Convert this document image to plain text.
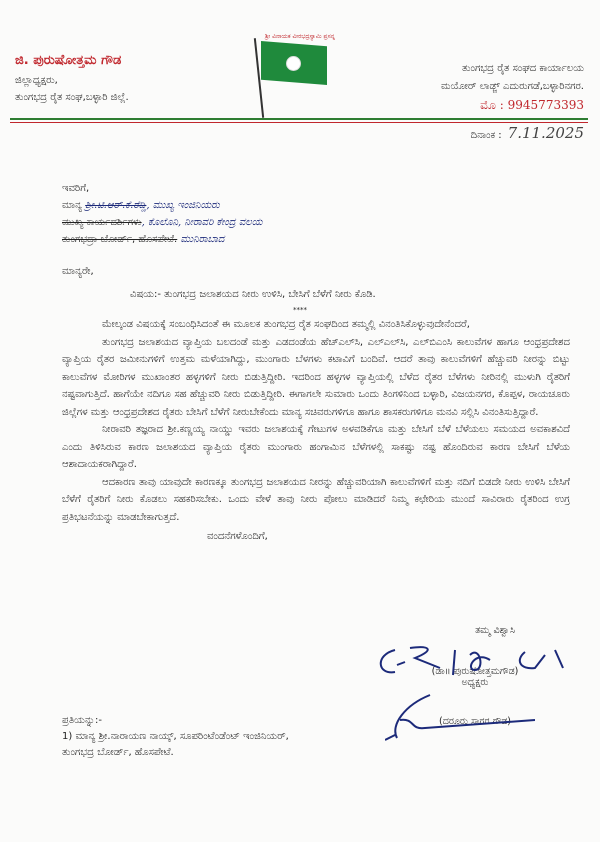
ಶ್ರೀ ವಿನಾಯಕ ವೀರಭದ್ರಸ್ವಾಮಿ ಪ್ರಸನ್ನ
ಜಿ. ಪುರುಷೋತ್ತಮ ಗೌಡ
ಜಿಲ್ಲಾಧ್ಯಕ್ಷರು,
ತುಂಗಭದ್ರ ರೈತ ಸಂಘ,ಬಳ್ಳಾರಿ ಜಿಲ್ಲೆ.
ತುಂಗಭದ್ರ ರೈತ ಸಂಘದ ಕಾರ್ಯಾಲಯ
ಮಯೋರ್ ಲಾಡ್ಜ್ ಎದುರುಗಡೆ,ಬಳ್ಳಾರಿನಗರ.
ಮೊ : 9945773393
ದಿನಾಂಕ : 7.11.2025
ಇವರಿಗೆ,
ಮಾನ್ಯ ಶ್ರೀ.ಟಿ.ಆರ್.ಕೆ.ರೆಡ್ಡಿ, ಮುಖ್ಯ ಇಂಜಿನಿಯರು
ಮುಖ್ಯ ಕಾರ್ಯದರ್ಶಿಗಳು, ಕೊಲೊನಿ, ನೀರಾವರಿ ಕೇಂದ್ರ ವಲಯ
ತುಂಗಭದ್ರಾ ಬೋರ್ಡ್, ಹೊಸಪೇಟೆ. ಮುನಿರಾಬಾದ
ಮಾನ್ಯರೇ,
ವಿಷಯ:- ತುಂಗಭದ್ರ ಜಲಾಶಯದ ನೀರು ಉಳಿಸಿ, ಬೇಸಿಗೆ ಬೆಳೆಗೆ ನೀರು ಕೊಡಿ.
****

ಮೇಲ್ಕಂಡ ವಿಷಯಕ್ಕೆ ಸಂಬಂಧಿಸಿದಂತೆ ಈ ಮೂಲಕ ತುಂಗಭದ್ರ ರೈತ ಸಂಘದಿಂದ ತಮ್ಮಲ್ಲಿ ವಿನಂತಿಸಿಕೊಳ್ಳುವುದೇನೆಂದರೆ,

ತುಂಗಭದ್ರ ಜಲಾಶಯದ ವ್ಯಾಪ್ತಿಯ ಬಲದಂಡೆ ಮತ್ತು ಎಡದಂಡೆಯ ಹೆಚ್‌ಎಲ್‌ಸಿ, ಎಲ್‌ಎಲ್‌ಸಿ, ಎಲ್‌ಬಿಎಂಸಿ ಕಾಲುವೆಗಳ ಹಾಗೂ ಆಂಧ್ರಪ್ರದೇಶದ ವ್ಯಾಪ್ತಿಯ ರೈತರ ಜಮೀನುಗಳಿಗೆ ಉತ್ತಮ ಮಳೆಯಾಗಿದ್ದು, ಮುಂಗಾರು ಬೆಳಗಳು ಕಟಾವಿಗೆ ಬಂದಿವೆ. ಆದರೆ ತಾವು ಕಾಲುವೆಗಳಿಗೆ ಹೆಚ್ಚುವರಿ ನೀರನ್ನು ಬಿಟ್ಟು ಕಾಲುವೆಗಳ ಮೋರಿಗಳ ಮುಖಾಂತರ ಹಳ್ಳಗಳಿಗೆ ನೀರು ಬಿಡುತ್ತಿದ್ದೀರಿ. ಇದರಿಂದ ಹಳ್ಳಗಳ ವ್ಯಾಪ್ತಿಯಲ್ಲಿ ಬೆಳೆದ ರೈತರ ಬೆಳೆಗಳು ನೀರಿನಲ್ಲಿ ಮುಳುಗಿ ರೈತರಿಗೆ ನಷ್ಟವಾಗುತ್ತಿದೆ. ಹಾಗೆಯೇ ನದಿಗೂ ಸಹ ಹೆಚ್ಚುವರಿ ನೀರು ಬಿಡುತ್ತಿದ್ದೀರಿ. ಈಗಾಗಲೇ ಸುಮಾರು ಒಂದು ತಿಂಗಳಿನಿಂದ ಬಳ್ಳಾರಿ, ವಿಜಯನಗರ, ಕೊಪ್ಪಳ, ರಾಯಚೂರು ಜಿಲ್ಲೆಗಳ ಮತ್ತು ಆಂಧ್ರಪ್ರದೇಶದ ರೈತರು ಬೇಸಿಗೆ ಬೆಳೆಗೆ ನೀರುಬೇಕೆಂದು ಮಾನ್ಯ ಸಚಿವರುಗಳಿಗೂ ಹಾಗೂ ಶಾಸಕರುಗಳಿಗೂ ಮನವಿ ಸಲ್ಲಿಸಿ ವಿನಂತಿಸುತ್ತಿದ್ದಾರೆ.

ನೀರಾವರಿ ತಜ್ಞರಾದ ಶ್ರೀ.ಕಣ್ಣಯ್ಯ ನಾಯ್ಡು ಇವರು ಜಲಾಶಯಕ್ಕೆ ಗೇಟುಗಳ ಅಳವಡಿಕೆಗೂ ಮತ್ತು ಬೇಸಿಗೆ ಬೆಳೆ ಬೆಳೆಯಲು ಸಮಯದ ಅವಕಾಶವಿದೆ ಎಂದು ತಿಳಿಸಿರುವ ಕಾರಣ ಜಲಾಶಯದ ವ್ಯಾಪ್ತಿಯ ರೈತರು ಮುಂಗಾರು ಹಂಗಾಮಿನ ಬೆಳೆಗಳಲ್ಲಿ ಸಾಕಷ್ಟು ನಷ್ಟ ಹೊಂದಿರುವ ಕಾರಣ ಬೇಸಿಗೆ ಬೆಳೆಯ ಆಶಾದಾಯಕರಾಗಿದ್ದಾರೆ.

ಆದಕಾರಣ ತಾವು ಯಾವುದೇ ಕಾರಣಕ್ಕೂ ತುಂಗಭದ್ರ ಜಲಾಶಯದ ನೀರನ್ನು ಹೆಚ್ಚುವರಿಯಾಗಿ ಕಾಲುವೆಗಳಿಗೆ ಮತ್ತು ನದಿಗೆ ಬಿಡದೇ ನೀರು ಉಳಿಸಿ ಬೇಸಿಗೆ ಬೆಳೆಗೆ ರೈತರಿಗೆ ನೀರು ಕೊಡಲು ಸಹಕರಿಸಬೇಕು. ಒಂದು ವೇಳೆ ತಾವು ನೀರು ಪೋಲು ಮಾಡಿದರೆ ನಿಮ್ಮ ಕಛೇರಿಯ ಮುಂದೆ ಸಾವಿರಾರು ರೈತರಿಂದ ಉಗ್ರ ಪ್ರತಿಭಟನೆಯನ್ನು ಮಾಡಬೇಕಾಗುತ್ತದೆ.

ವಂದನೆಗಳೊಂದಿಗೆ,
ತಮ್ಮ ವಿಶ್ವಾಸಿ
(ಡಾ॥ ಪುರುಷೋತ್ತಮಗೌಡ)
ಅಧ್ಯಕ್ಷರು
(ದರೂರು ಸಾಗರ ಗೌಡ)
ಪ್ರತಿಯನ್ನು:-
1) ಮಾನ್ಯ ಶ್ರೀ.ನಾರಾಯಣ ನಾಯ್ಕ್, ಸೂಪರಿಂಟೆಂಡೆಂಟ್ ಇಂಜಿನಿಯರ್,
ತುಂಗಭದ್ರ ಬೋರ್ಡ್, ಹೊಸಪೇಟೆ.
